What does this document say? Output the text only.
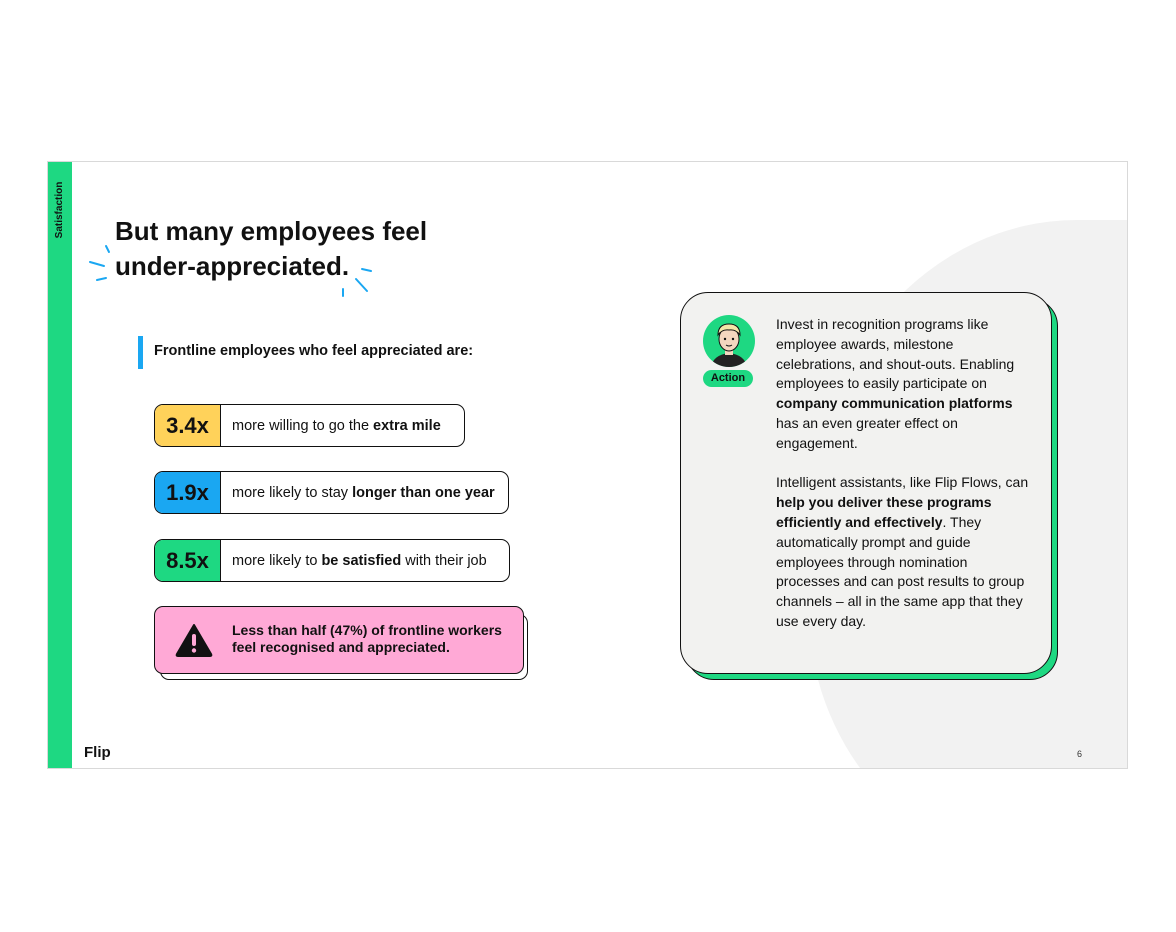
Satisfaction But many employees feel
under-appreciated.
Frontline employees who feel appreciated are:
3.4x	more willing to go the extra mile
1.9x	more likely to stay longer than one year
8.5x	more likely to be satisfied with their job
Less than half (47%) of frontline workers feel recognised and appreciated.
Action

Invest in recognition programs like employee awards, milestone celebrations, and shout-outs. Enabling employees to easily participate on company communication platforms has an even greater effect on engagement.

Intelligent assistants, like Flip Flows, can help you deliver these programs efficiently and effectively. They automatically prompt and guide employees through nomination processes and can post results to group channels – all in the same app that they use every day.

Flip	6
